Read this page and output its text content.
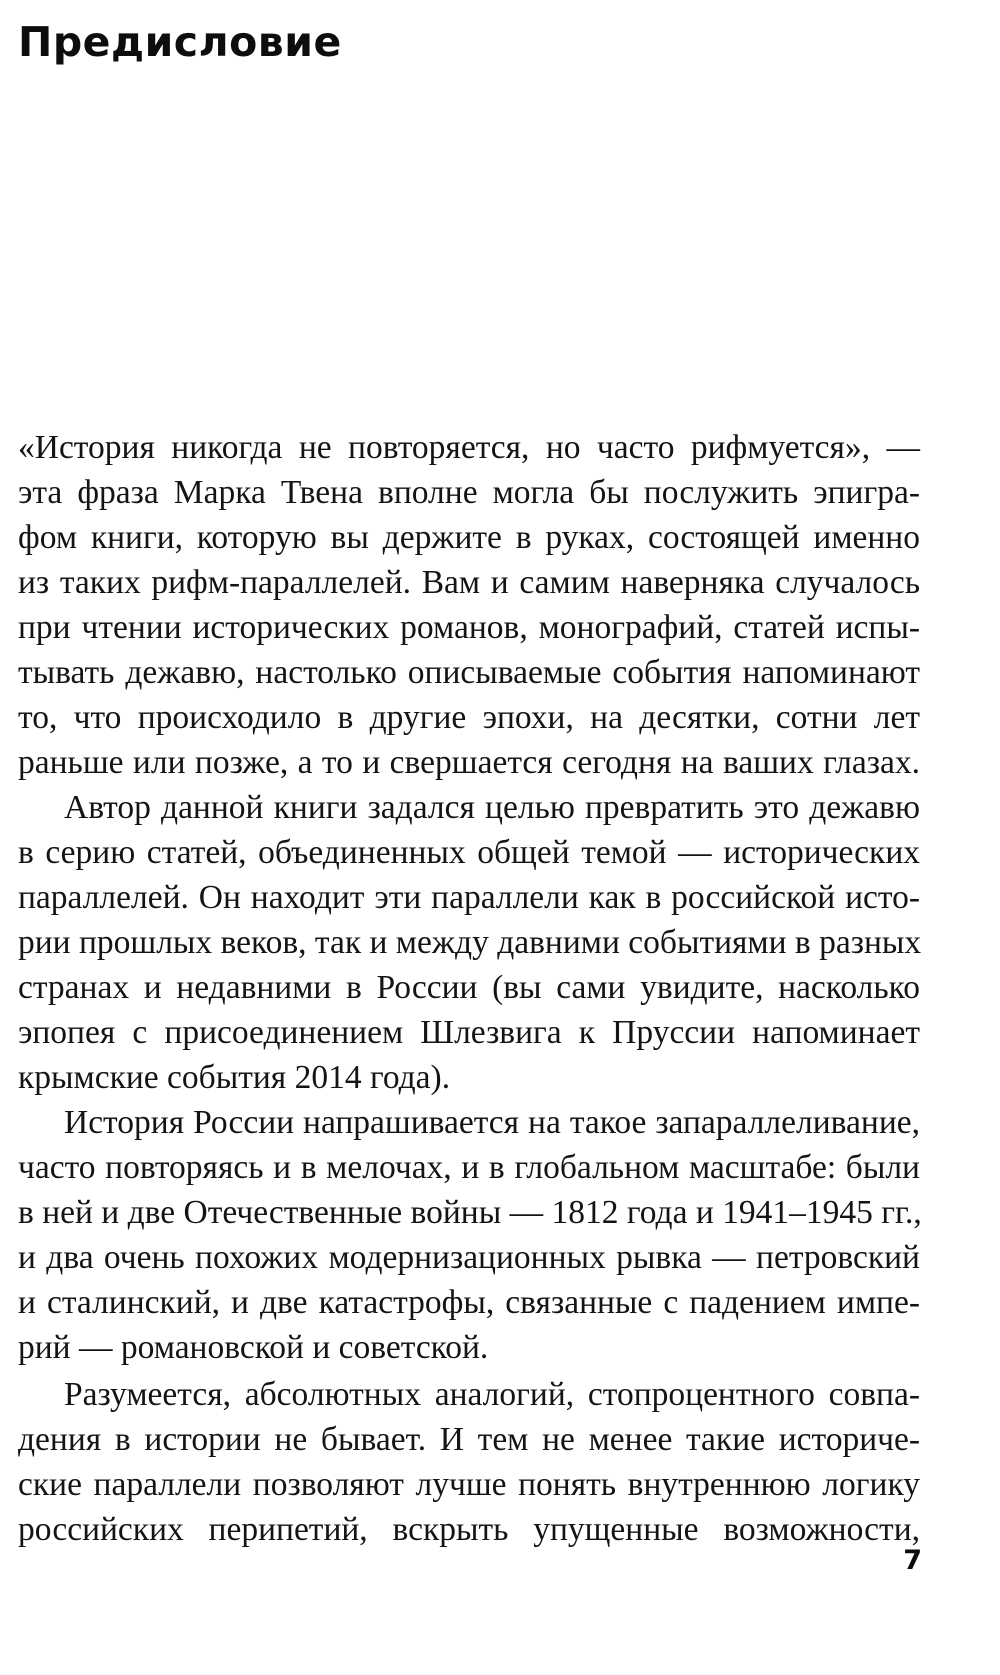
Предисловие
«История никогда не повторяется, но часто рифмуется», —
эта фраза Марка Твена вполне могла бы послужить эпигра-
фом книги, которую вы держите в руках, состоящей именно
из таких рифм-параллелей. Вам и самим наверняка случалось
при чтении исторических романов, монографий, статей испы-
тывать дежавю, настолько описываемые события напоминают
то, что происходило в другие эпохи, на десятки, сотни лет
раньше или позже, а то и свершается сегодня на ваших глазах.
Автор данной книги задался целью превратить это дежавю
в серию статей, объединенных общей темой — исторических
параллелей. Он находит эти параллели как в российской исто-
рии прошлых веков, так и между давними событиями в разных
странах и недавними в России (вы сами увидите, насколько
эпопея с присоединением Шлезвига к Пруссии напоминает
крымские события 2014 года).
История России напрашивается на такое запараллеливание,
часто повторяясь и в мелочах, и в глобальном масштабе: были
в ней и две Отечественные войны — 1812 года и 1941–1945 гг.,
и два очень похожих модернизационных рывка — петровский
и сталинский, и две катастрофы, связанные с падением импе-
рий — романовской и советской.
Разумеется, абсолютных аналогий, стопроцентного совпа-
дения в истории не бывает. И тем не менее такие историче-
ские параллели позволяют лучше понять внутреннюю логику
российских перипетий, вскрыть упущенные возможности,
7
